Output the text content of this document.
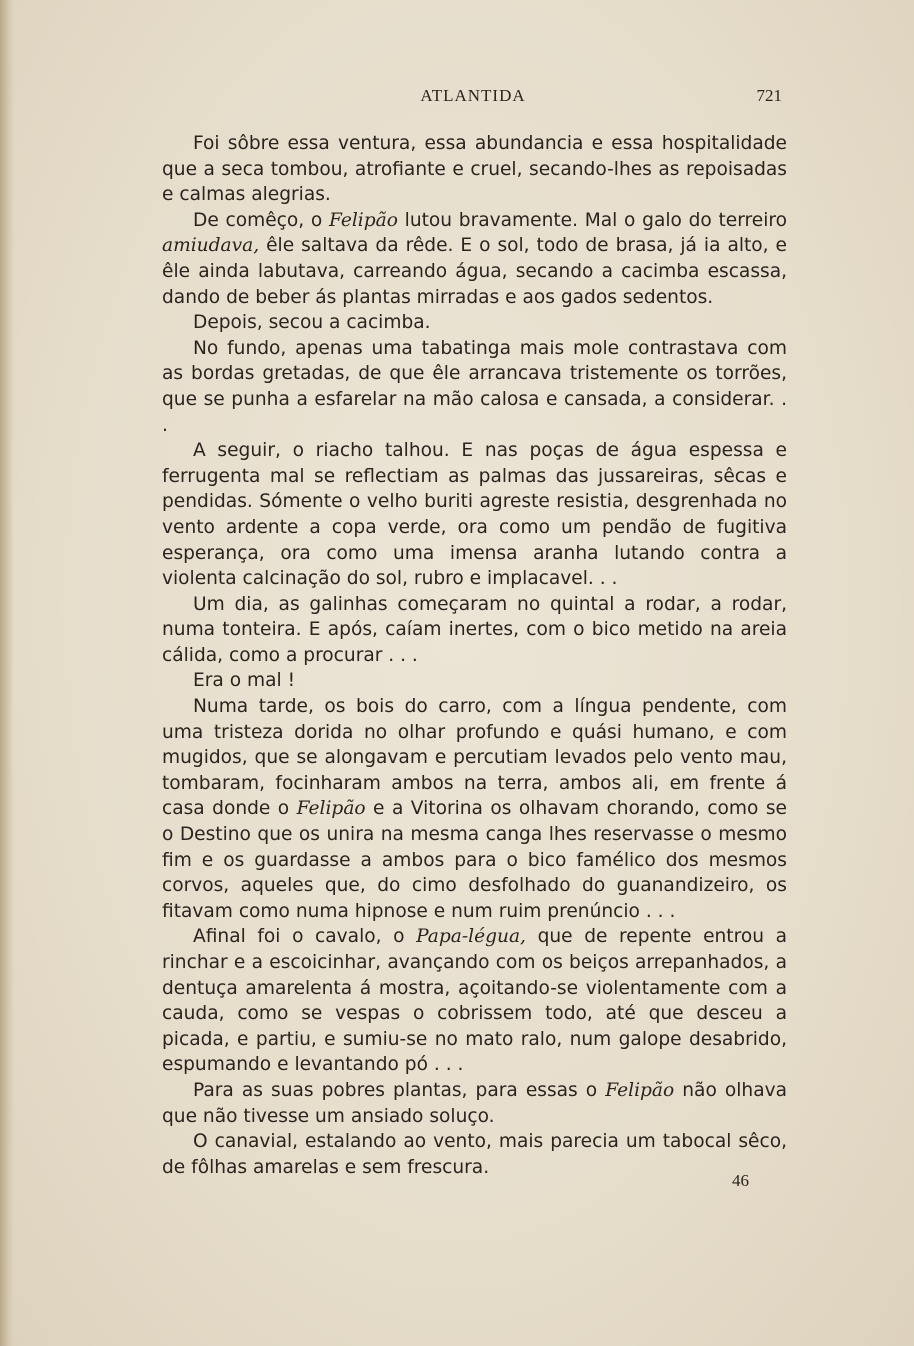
ATLANTIDA	721

Foi sôbre essa ventura, essa abundancia e essa hospitalidade que a seca tombou, atrofiante e cruel, secando-lhes as repoisadas e calmas alegrias.

De comêço, o Felipão lutou bravamente. Mal o galo do terreiro amiudava, êle saltava da rêde. E o sol, todo de brasa, já ia alto, e êle ainda labutava, carreando água, secando a cacimba escassa, dando de beber ás plantas mirradas e aos gados sedentos.

Depois, secou a cacimba.

No fundo, apenas uma tabatinga mais mole contrastava com as bordas gretadas, de que êle arrancava tristemente os torrões, que se punha a esfarelar na mão calosa e cansada, a considerar. . .

A seguir, o riacho talhou. E nas poças de água espessa e ferrugenta mal se reflectiam as palmas das jussareiras, sêcas e pendidas. Sómente o velho buriti agreste resistia, desgrenhada no vento ardente a copa verde, ora como um pendão de fugitiva esperança, ora como uma imensa aranha lutando contra a violenta calcinação do sol, rubro e implacavel. . .

Um dia, as galinhas começaram no quintal a rodar, a rodar, numa tonteira. E após, caíam inertes, com o bico metido na areia cálida, como a procurar . . .

Era o mal !

Numa tarde, os bois do carro, com a língua pendente, com uma tristeza dorida no olhar profundo e quási humano, e com mugidos, que se alongavam e percutiam levados pelo vento mau, tombaram, focinharam ambos na terra, ambos ali, em frente á casa donde o Felipão e a Vitorina os olhavam chorando, como se o Destino que os unira na mesma canga lhes reservasse o mesmo fim e os guardasse a ambos para o bico famélico dos mesmos corvos, aqueles que, do cimo desfolhado do guanandizeiro, os fitavam como numa hipnose e num ruim prenúncio . . .

Afinal foi o cavalo, o Papa-légua, que de repente entrou a rinchar e a escoicinhar, avançando com os beiços arrepanhados, a dentuça amarelenta á mostra, açoitando-se violentamente com a cauda, como se vespas o cobrissem todo, até que desceu a picada, e partiu, e sumiu-se no mato ralo, num galope desabrido, espumando e levantando pó . . .

Para as suas pobres plantas, para essas o Felipão não olhava que não tivesse um ansiado soluço.

O canavial, estalando ao vento, mais parecia um tabocal sêco, de fôlhas amarelas e sem frescura.

46
